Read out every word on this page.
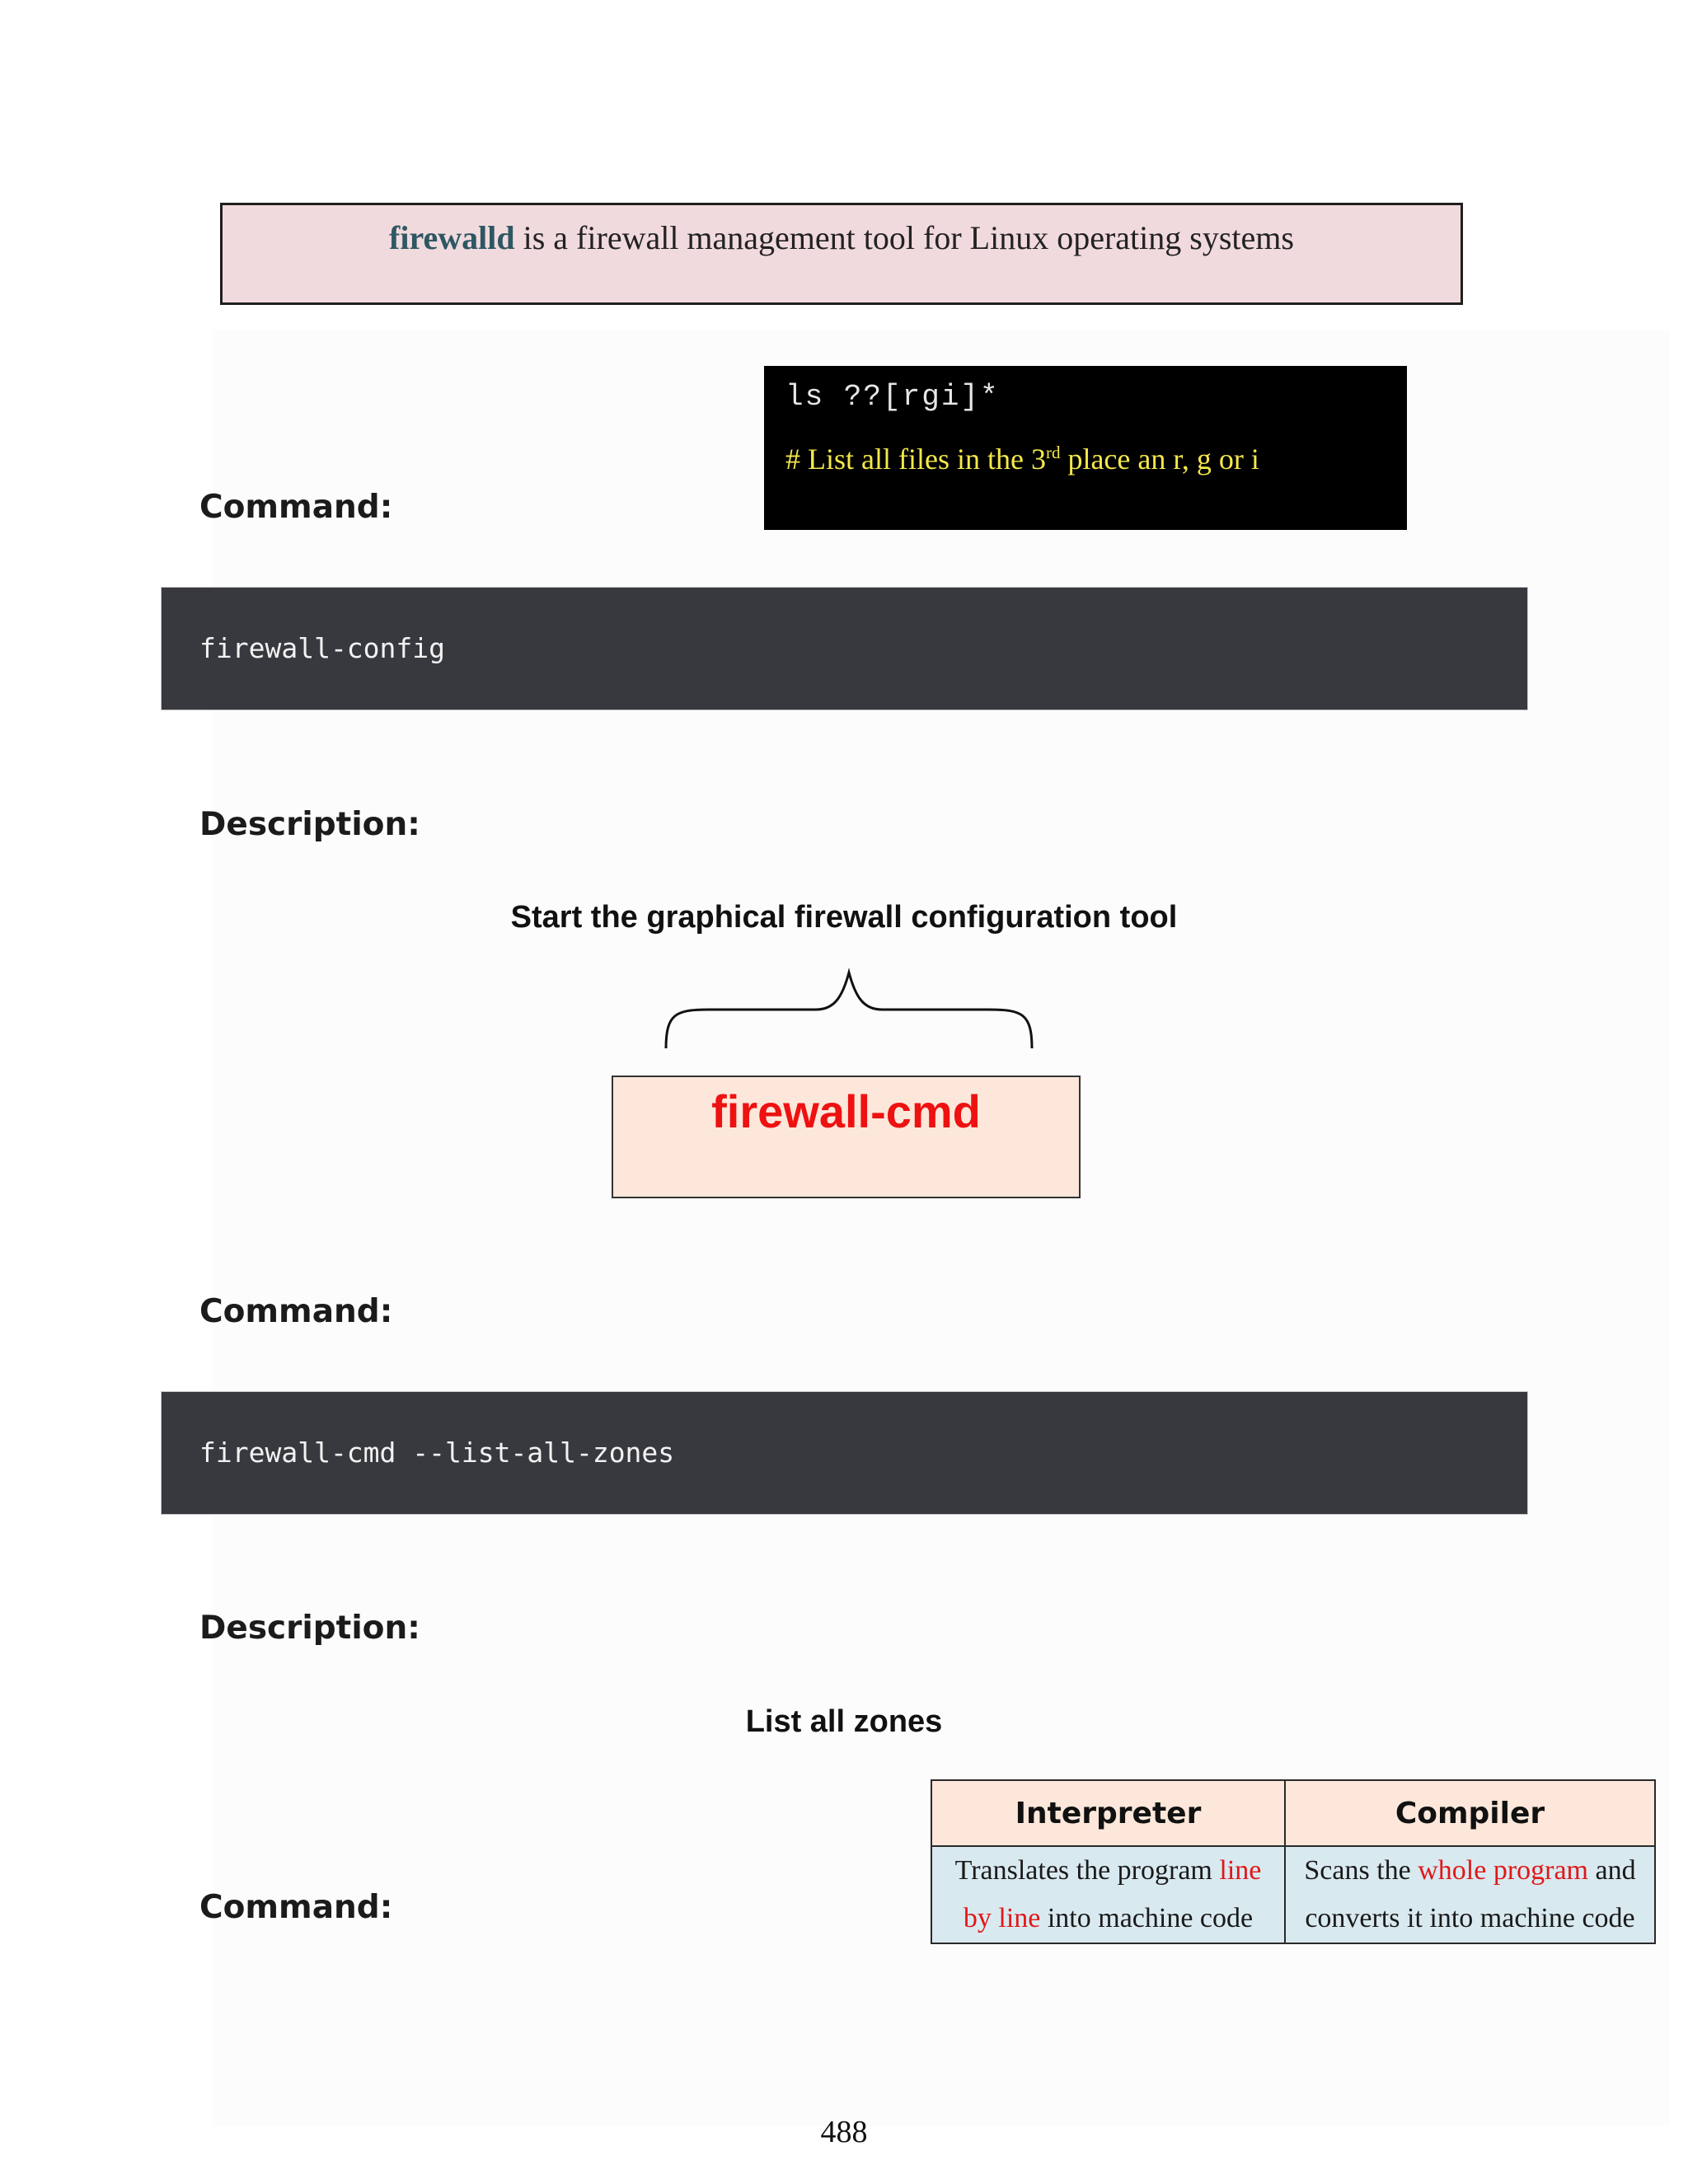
firewalld is a firewall management tool for Linux operating systems
ls ??[rgi]*
# List all files in the 3rd place an r, g or i
Command:
firewall-config
Description:
Start the graphical firewall configuration tool
firewall-cmd
Command:
firewall-cmd --list-all-zones
Description:
List all zones
Command:
Interpreter	Compiler
Translates the program line by line into machine code	Scans the whole program and converts it into machine code
488
